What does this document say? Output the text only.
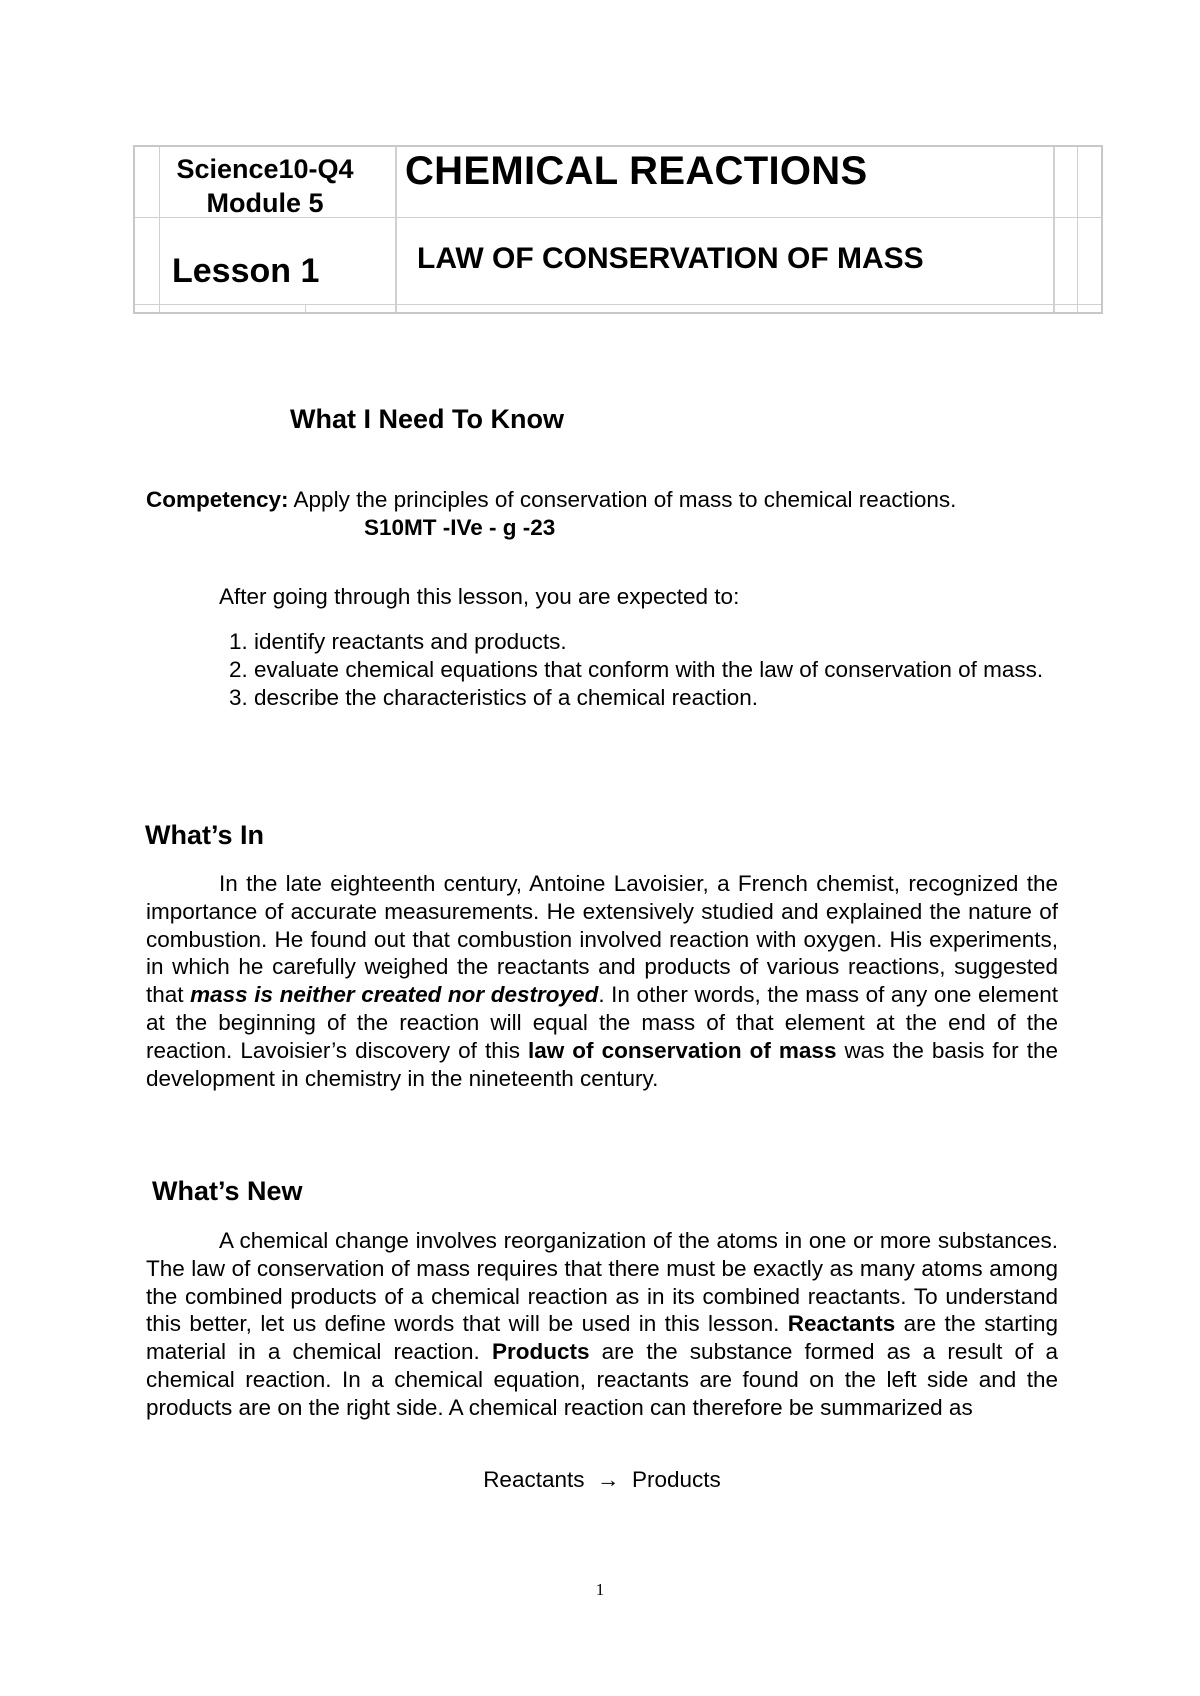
Science10-Q4
Module 5
Lesson 1
CHEMICAL REACTIONS
LAW OF CONSERVATION OF MASS
What I Need To Know
Competency: Apply the principles of conservation of mass to chemical reactions.
S10MT -IVe - g -23
After going through this lesson, you are expected to:
1. identify reactants and products.
2. evaluate chemical equations that conform with the law of conservation of mass.
3. describe the characteristics of a chemical reaction.
What’s In
In the late eighteenth century, Antoine Lavoisier, a French chemist, recognized the importance of accurate measurements. He extensively studied and explained the nature of combustion. He found out that combustion involved reaction with oxygen. His experiments, in which he carefully weighed the reactants and products of various reactions, suggested that mass is neither created nor destroyed. In other words, the mass of any one element at the beginning of the reaction will equal the mass of that element at the end of the reaction. Lavoisier’s discovery of this law of conservation of mass was the basis for the development in chemistry in the nineteenth century.
What’s New
A chemical change involves reorganization of the atoms in one or more substances. The law of conservation of mass requires that there must be exactly as many atoms among the combined products of a chemical reaction as in its combined reactants. To understand this better, let us define words that will be used in this lesson. Reactants are the starting material in a chemical reaction. Products are the substance formed as a result of a chemical reaction. In a chemical equation, reactants are found on the left side and the products are on the right side. A chemical reaction can therefore be summarized as
Reactants  →  Products
1
